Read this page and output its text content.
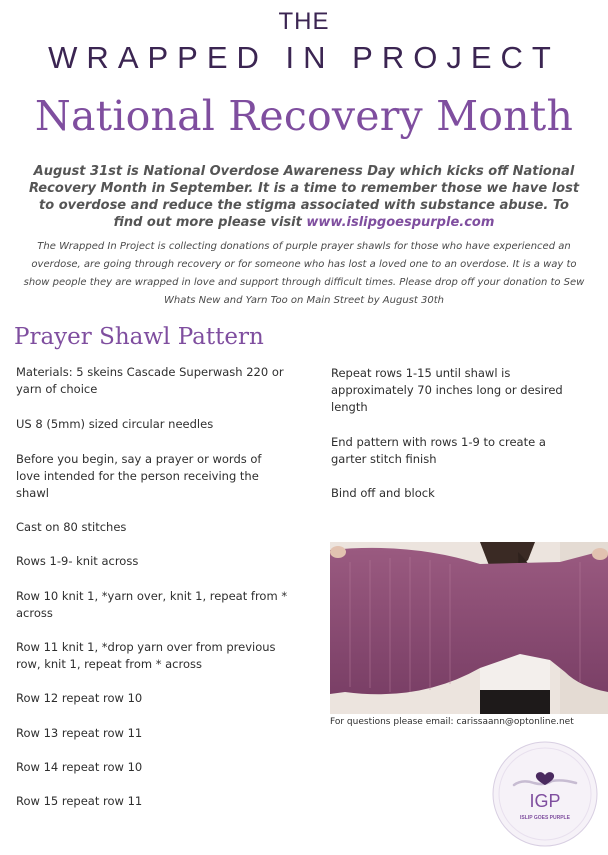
THE
WRAPPED IN PROJECT
National Recovery Month
August 31st is National Overdose Awareness Day which kicks off National Recovery Month in September. It is a time to remember those we have lost to overdose and reduce the stigma associated with substance abuse. To find out more please visit www.islipgoespurple.com
The Wrapped In Project is collecting donations of purple prayer shawls for those who have experienced an overdose, are going through recovery or for someone who has lost a loved one to an overdose. It is a way to show people they are wrapped in love and support through difficult times. Please drop off your donation to Sew Whats New and Yarn Too on Main Street by August 30th
Prayer Shawl Pattern
Materials: 5 skeins Cascade Superwash 220 or yarn of choice
US 8 (5mm) sized circular needles
Before you begin, say a prayer or words of love intended for the person receiving the shawl
Cast on 80 stitches
Rows 1-9- knit across
Row 10 knit 1, *yarn over, knit 1, repeat from * across
Row 11 knit 1, *drop yarn over from previous row, knit 1, repeat from * across
Row 12 repeat row 10
Row 13 repeat row 11
Row 14 repeat row 10
Row 15 repeat row 11
Repeat rows 1-15 until shawl is approximately 70 inches long or desired length
End pattern with rows 1-9 to create a garter stitch finish
Bind off and block
For questions please email: carissaann@optonline.net
IGP
ISLIP GOES PURPLE
